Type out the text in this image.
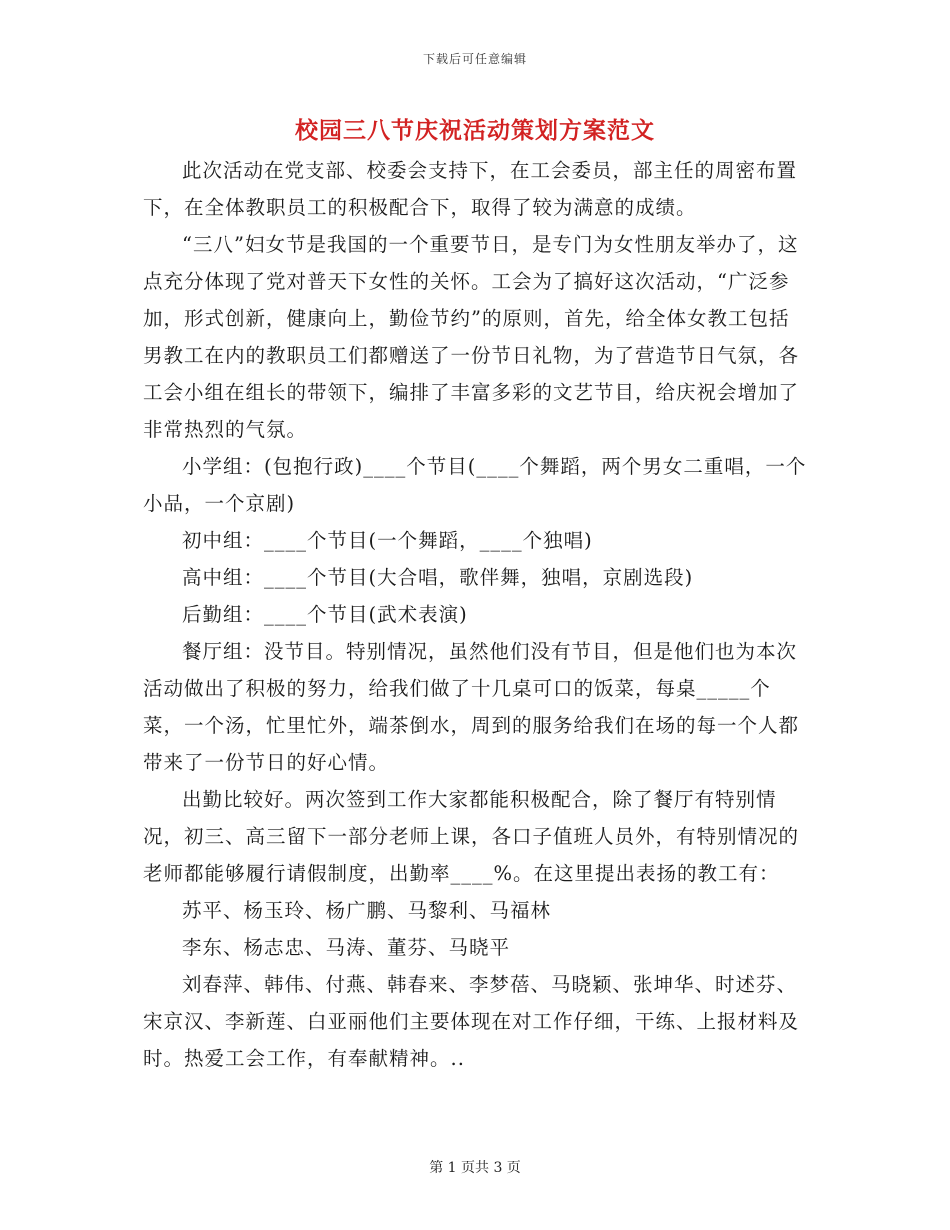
下载后可任意编辑
校园三八节庆祝活动策划方案范文

此次活动在党支部、校委会支持下，在工会委员，部主任的周密布置下，在全体教职员工的积极配合下，取得了较为满意的成绩。

“三八”妇女节是我国的一个重要节日，是专门为女性朋友举办了，这点充分体现了党对普天下女性的关怀。工会为了搞好这次活动，“广泛参加，形式创新，健康向上，勤俭节约”的原则，首先，给全体女教工包括男教工在内的教职员工们都赠送了一份节日礼物，为了营造节日气氛，各工会小组在组长的带领下，编排了丰富多彩的文艺节目，给庆祝会增加了非常热烈的气氛。

小学组：(包抱行政)____个节目(____个舞蹈，两个男女二重唱，一个小品，一个京剧)

初中组：____个节目(一个舞蹈，____个独唱)

高中组：____个节目(大合唱，歌伴舞，独唱，京剧选段)

后勤组：____个节目(武术表演)

餐厅组：没节目。特别情况，虽然他们没有节目，但是他们也为本次活动做出了积极的努力，给我们做了十几桌可口的饭菜，每桌_____个菜，一个汤，忙里忙外，端茶倒水，周到的服务给我们在场的每一个人都带来了一份节日的好心情。

出勤比较好。两次签到工作大家都能积极配合，除了餐厅有特别情况，初三、高三留下一部分老师上课，各口子值班人员外，有特别情况的老师都能够履行请假制度，出勤率____%。在这里提出表扬的教工有：

苏平、杨玉玲、杨广鹏、马黎利、马福林

李东、杨志忠、马涛、董芬、马晓平

刘春萍、韩伟、付燕、韩春来、李梦蓓、马晓颖、张坤华、时述芬、宋京汉、李新莲、白亚丽他们主要体现在对工作仔细，干练、上报材料及时。热爱工会工作，有奉献精神。..

第 1 页共 3 页
